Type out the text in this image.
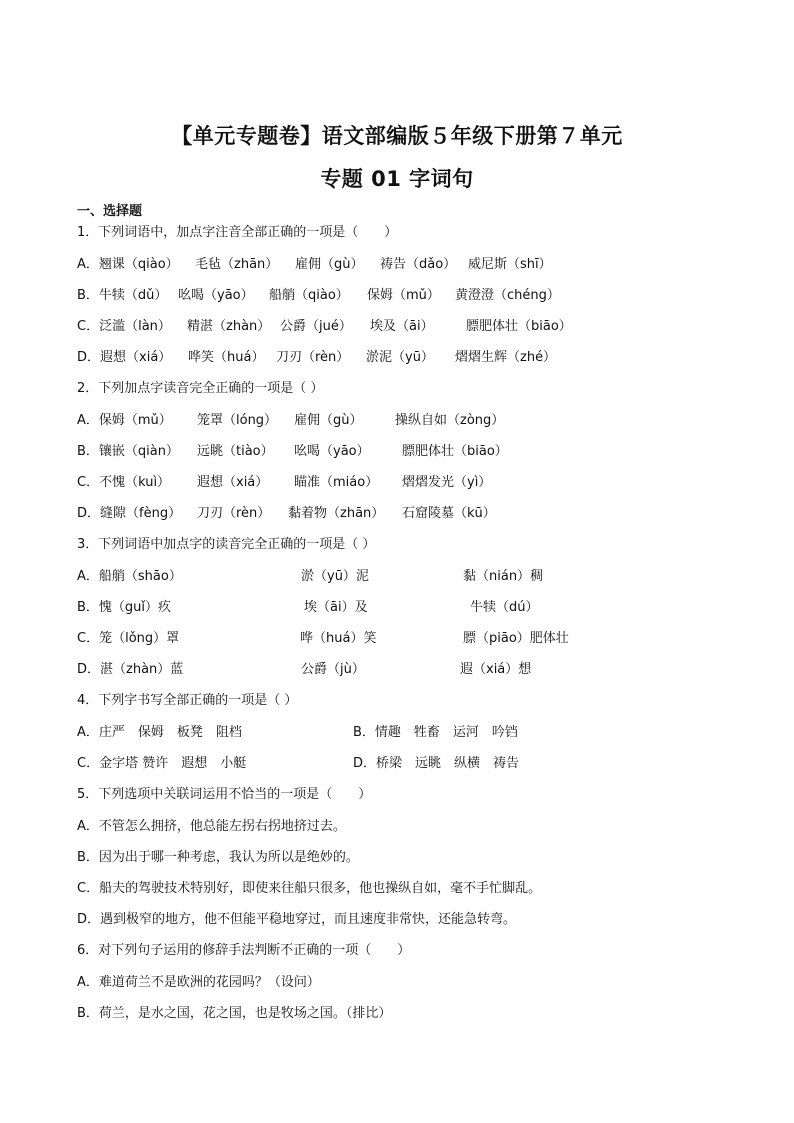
【单元专题卷】语文部编版５年级下册第７单元
专题 01 字词句
一、选择题
1．下列词语中，加点字注音全部正确的一项是（　　）
A．翘课（qiào） 毛毡（zhān） 雇佣（gù） 祷告（dǎo） 威尼斯（shī）
B．牛犊（dǔ） 吆喝（yāo） 船艄（qiào） 保姆（mǔ） 黄澄澄（chéng）
C．泛滥（làn） 精湛（zhàn） 公爵（jué） 埃及（āi） 膘肥体壮（biāo）
D．遐想（xiá） 哗笑（huá） 刀刃（rèn） 淤泥（yū） 熠熠生辉（zhé）
2．下列加点字读音完全正确的一项是（ ）
A．保姆（mǔ） 笼罩（lóng） 雇佣（gù）	操纵自如（zòng）
B．镶嵌（qiàn） 远眺（tiào） 吆喝（yāo） 膘肥体壮（biāo）
C．不愧（kuì） 遐想（xiá） 瞄准（miáo） 熠熠发光（yì）
D．缝隙（fèng） 刀刃（rèn） 黏着物（zhān） 石窟陵墓（kū）
3．下列词语中加点字的读音完全正确的一项是（ ）
A．船艄（shāo）	淤（yū）泥	黏（nián）稠
B．愧（guǐ）疚	埃（āi）及	牛犊（dú）
C．笼（lǒng）罩	哗（huá）笑	膘（piāo）肥体壮
D．湛（zhàn）蓝	公爵（jù）	遐（xiá）想
4．下列字书写全部正确的一项是（ ）
A．庄严　保姆　板凳　阻档	B．情趣　牲畜　运河　吟铛
C．金字塔 赞许　遐想　小艇	D．桥梁　远眺　纵横　祷告
5．下列选项中关联词运用不恰当的一项是（　　）
A．不管怎么拥挤，他总能左拐右拐地挤过去。
B．因为出于哪一种考虑，我认为所以是绝妙的。
C．船夫的驾驶技术特别好，即使来往船只很多，他也操纵自如，毫不手忙脚乱。
D．遇到极窄的地方，他不但能平稳地穿过，而且速度非常快，还能急转弯。
6．对下列句子运用的修辞手法判断不正确的一项（　　）
A．难道荷兰不是欧洲的花园吗？（设问）
B．荷兰，是水之国，花之国，也是牧场之国。（排比）
